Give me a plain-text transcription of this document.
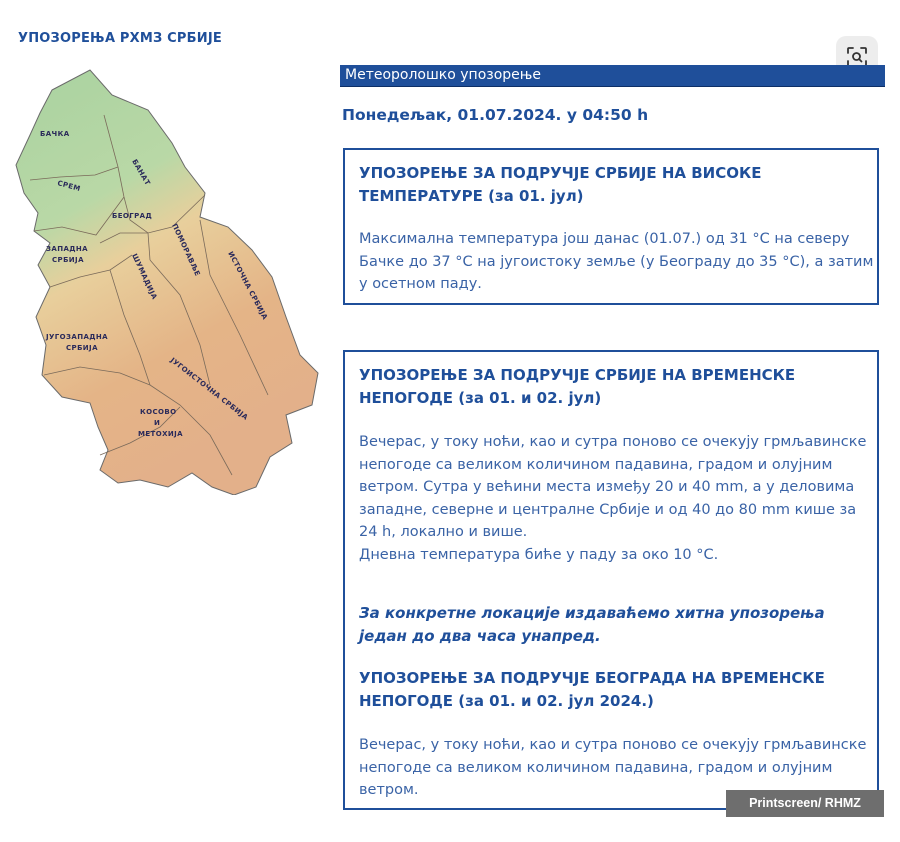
УПОЗОРЕЊА РХМЗ СРБИЈЕ
БАЧКА
БАНАТ
СРЕМ
БЕОГРАД
ЗАПАДНА
СРБИЈА	ШУМАДИЈА ПОМОРАВЉЕ
ИСТОЧНА СРБИЈА
ЈУГОЗАПАДНА
СРБИЈА
ЈУГОИСТОЧНА СРБИЈА
КОСОВО
И
МЕТОХИЈА
Метеоролошко упозорење
Понедељак, 01.07.2024. у 04:50 h
УПОЗОРЕЊЕ ЗА ПОДРУЧЈЕ СРБИЈЕ НА ВИСОКЕ ТЕМПЕРАТУРЕ (за 01. јул)
Максимална температура још данас (01.07.) од 31 °C на северу Бачке до 37 °C на југоистоку земље (у Београду до 35 °C), а затим у осетном паду.
УПОЗОРЕЊЕ ЗА ПОДРУЧЈЕ СРБИЈЕ НА ВРЕМЕНСКЕ НЕПОГОДЕ (за 01. и 02. јул)
Вечерас, у току ноћи, као и сутра поново се очекују грмљавинске непогоде са великом количином падавина, градом и олујним ветром. Сутра у већини места између 20 и 40 mm, а у деловима западне, северне и централне Србије и од 40 до 80 mm кише за 24 h, локално и више.
Дневна температура биће у паду за око 10 °C.
За конкретне локације издаваћемо хитна упозорења један до два часа унапред.
УПОЗОРЕЊЕ ЗА ПОДРУЧЈЕ БЕОГРАДА НА ВРЕМЕНСКЕ НЕПОГОДЕ (за 01. и 02. јул 2024.)
Вечерас, у току ноћи, као и сутра поново се очекују грмљавинске непогоде са великом количином падавина, градом и олујним ветром.
Printscreen/ RHMZ
